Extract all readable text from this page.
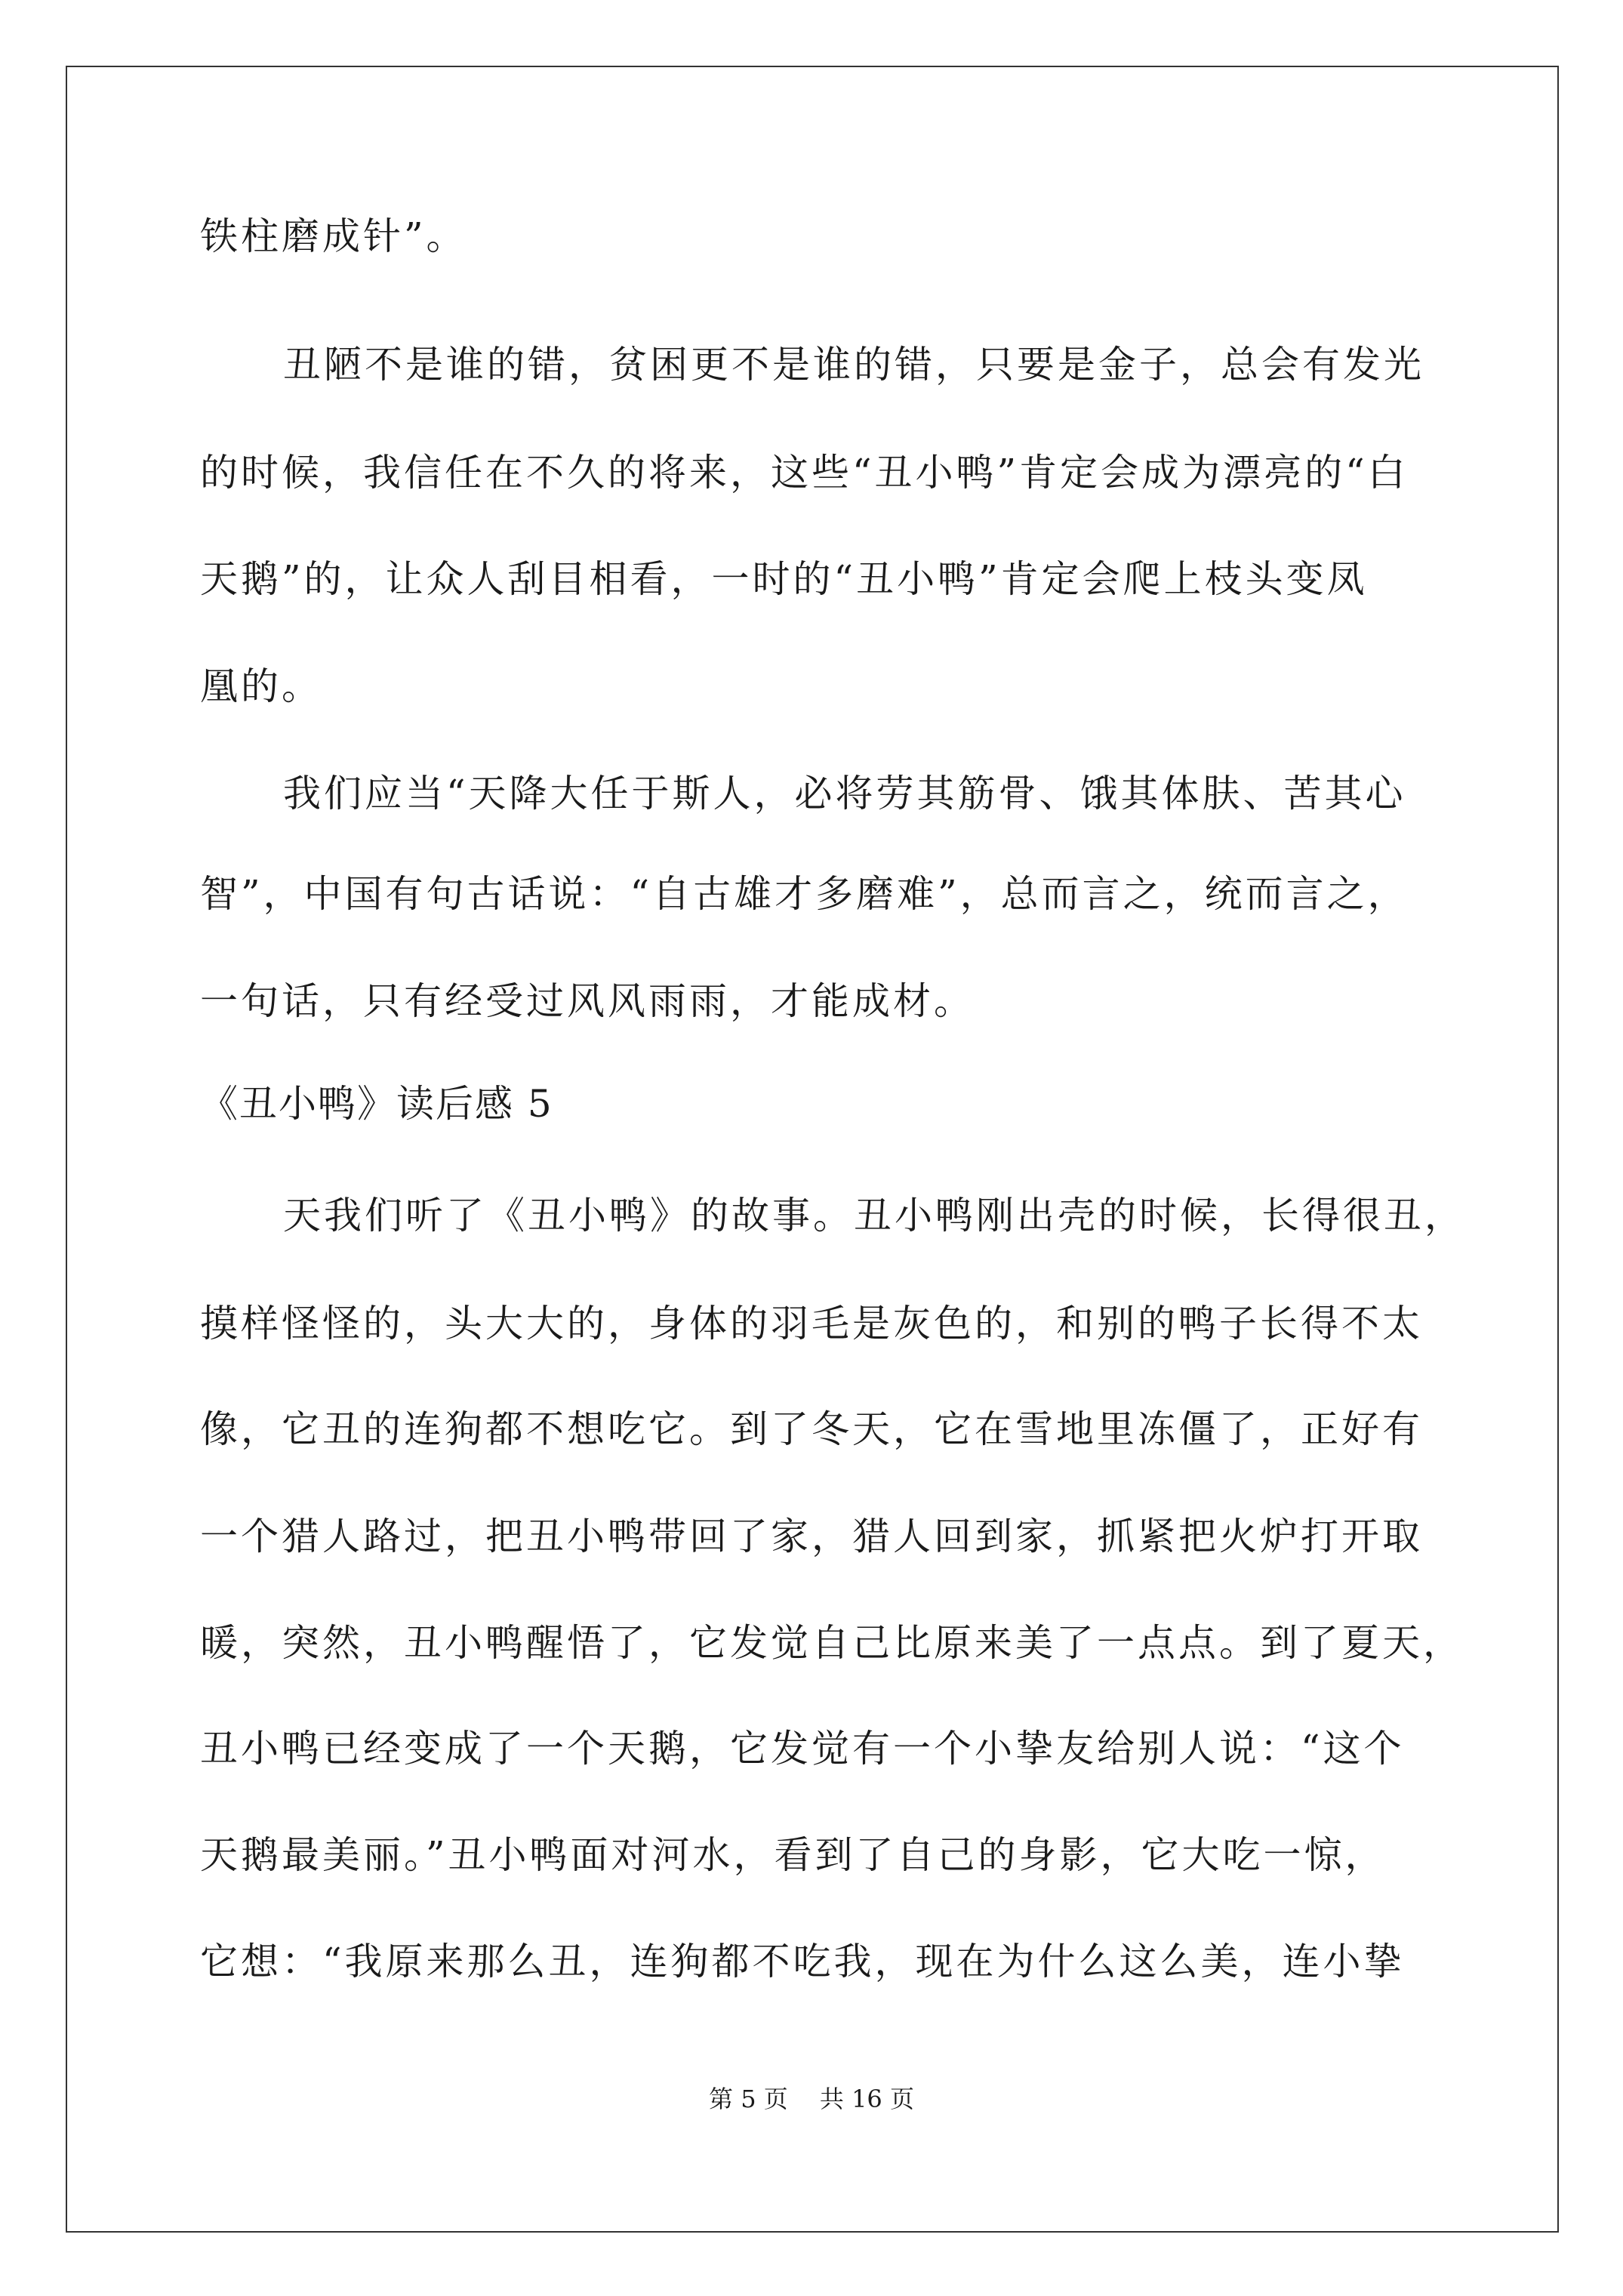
铁柱磨成针”。
丑陋不是谁的错，贫困更不是谁的错，只要是金子，总会有发光
的时候，我信任在不久的将来，这些“丑小鸭”肯定会成为漂亮的“白
天鹅”的，让众人刮目相看，一时的“丑小鸭”肯定会爬上枝头变凤
凰的。
我们应当“天降大任于斯人，必将劳其筋骨、饿其体肤、苦其心
智”，中国有句古话说：“自古雄才多磨难”，总而言之，统而言之，
一句话，只有经受过风风雨雨，才能成材。
《丑小鸭》读后感 5
天我们听了《丑小鸭》的故事。丑小鸭刚出壳的时候，长得很丑，
摸样怪怪的，头大大的，身体的羽毛是灰色的，和别的鸭子长得不太
像，它丑的连狗都不想吃它。到了冬天，它在雪地里冻僵了，正好有
一个猎人路过，把丑小鸭带回了家，猎人回到家，抓紧把火炉打开取
暖，突然，丑小鸭醒悟了，它发觉自己比原来美了一点点。到了夏天，
丑小鸭已经变成了一个天鹅，它发觉有一个小挚友给别人说：“这个
天鹅最美丽。”丑小鸭面对河水，看到了自己的身影，它大吃一惊，
它想：“我原来那么丑，连狗都不吃我，现在为什么这么美，连小挚
第 5 页　 共 16 页
